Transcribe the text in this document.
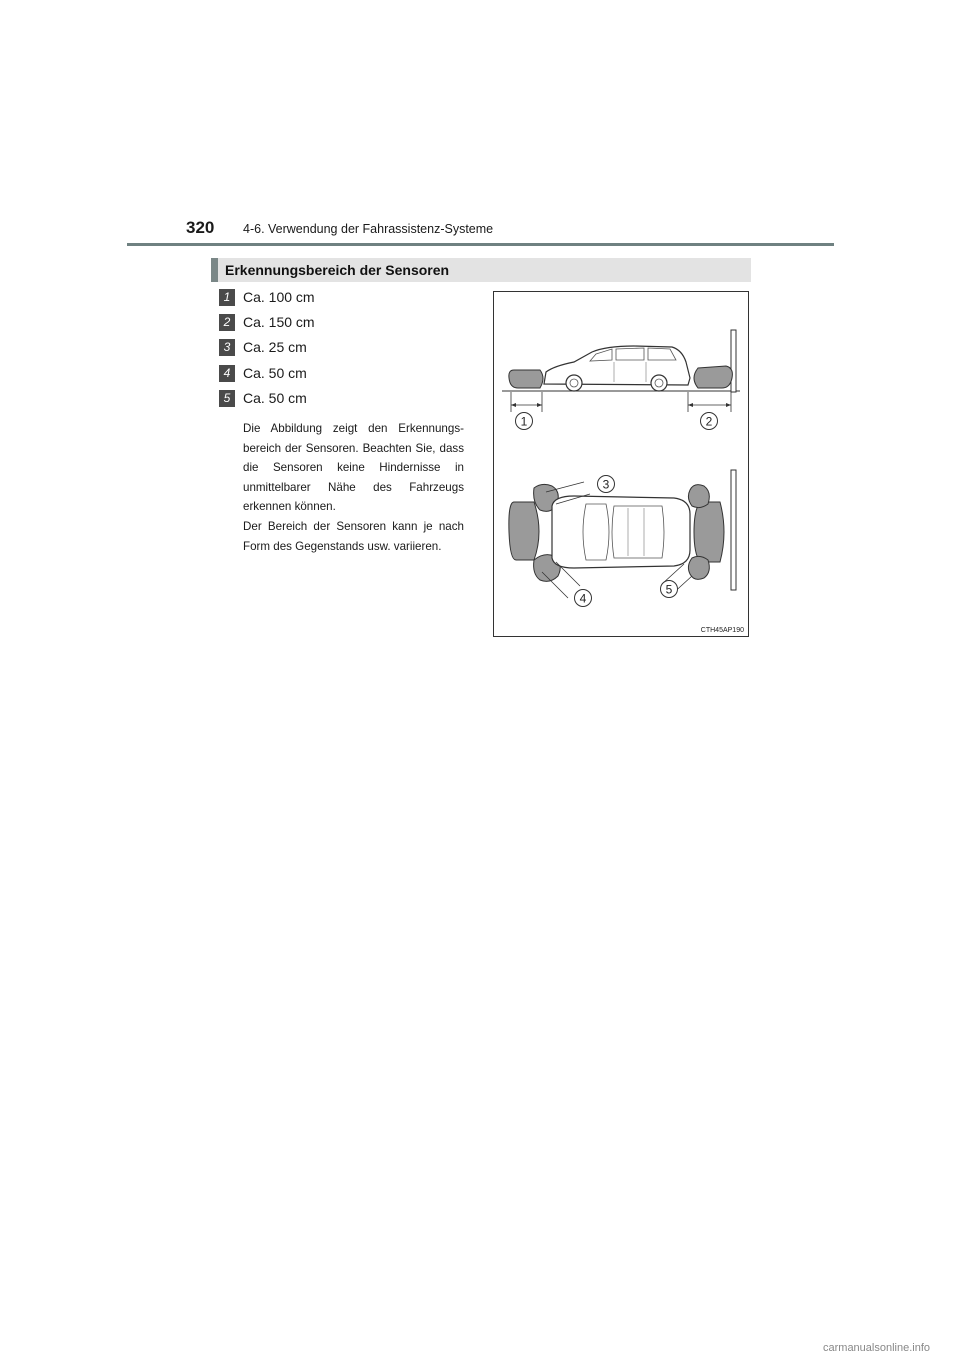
320 4-6. Verwendung der Fahrassistenz-Systeme
Erkennungsbereich der Sensoren
1 Ca. 100 cm
2 Ca. 150 cm
3 Ca. 25 cm
4 Ca. 50 cm
5 Ca. 50 cm

Die Abbildung zeigt den Erkennungs-bereich der Sensoren. Beachten Sie, dass die Sensoren keine Hindernisse in unmittelbarer Nähe des Fahrzeugs erkennen können.

Der Bereich der Sensoren kann je nach Form des Gegenstands usw. variieren.

1	2
3
4
5
CTH45AP190
carmanualsonline.info
